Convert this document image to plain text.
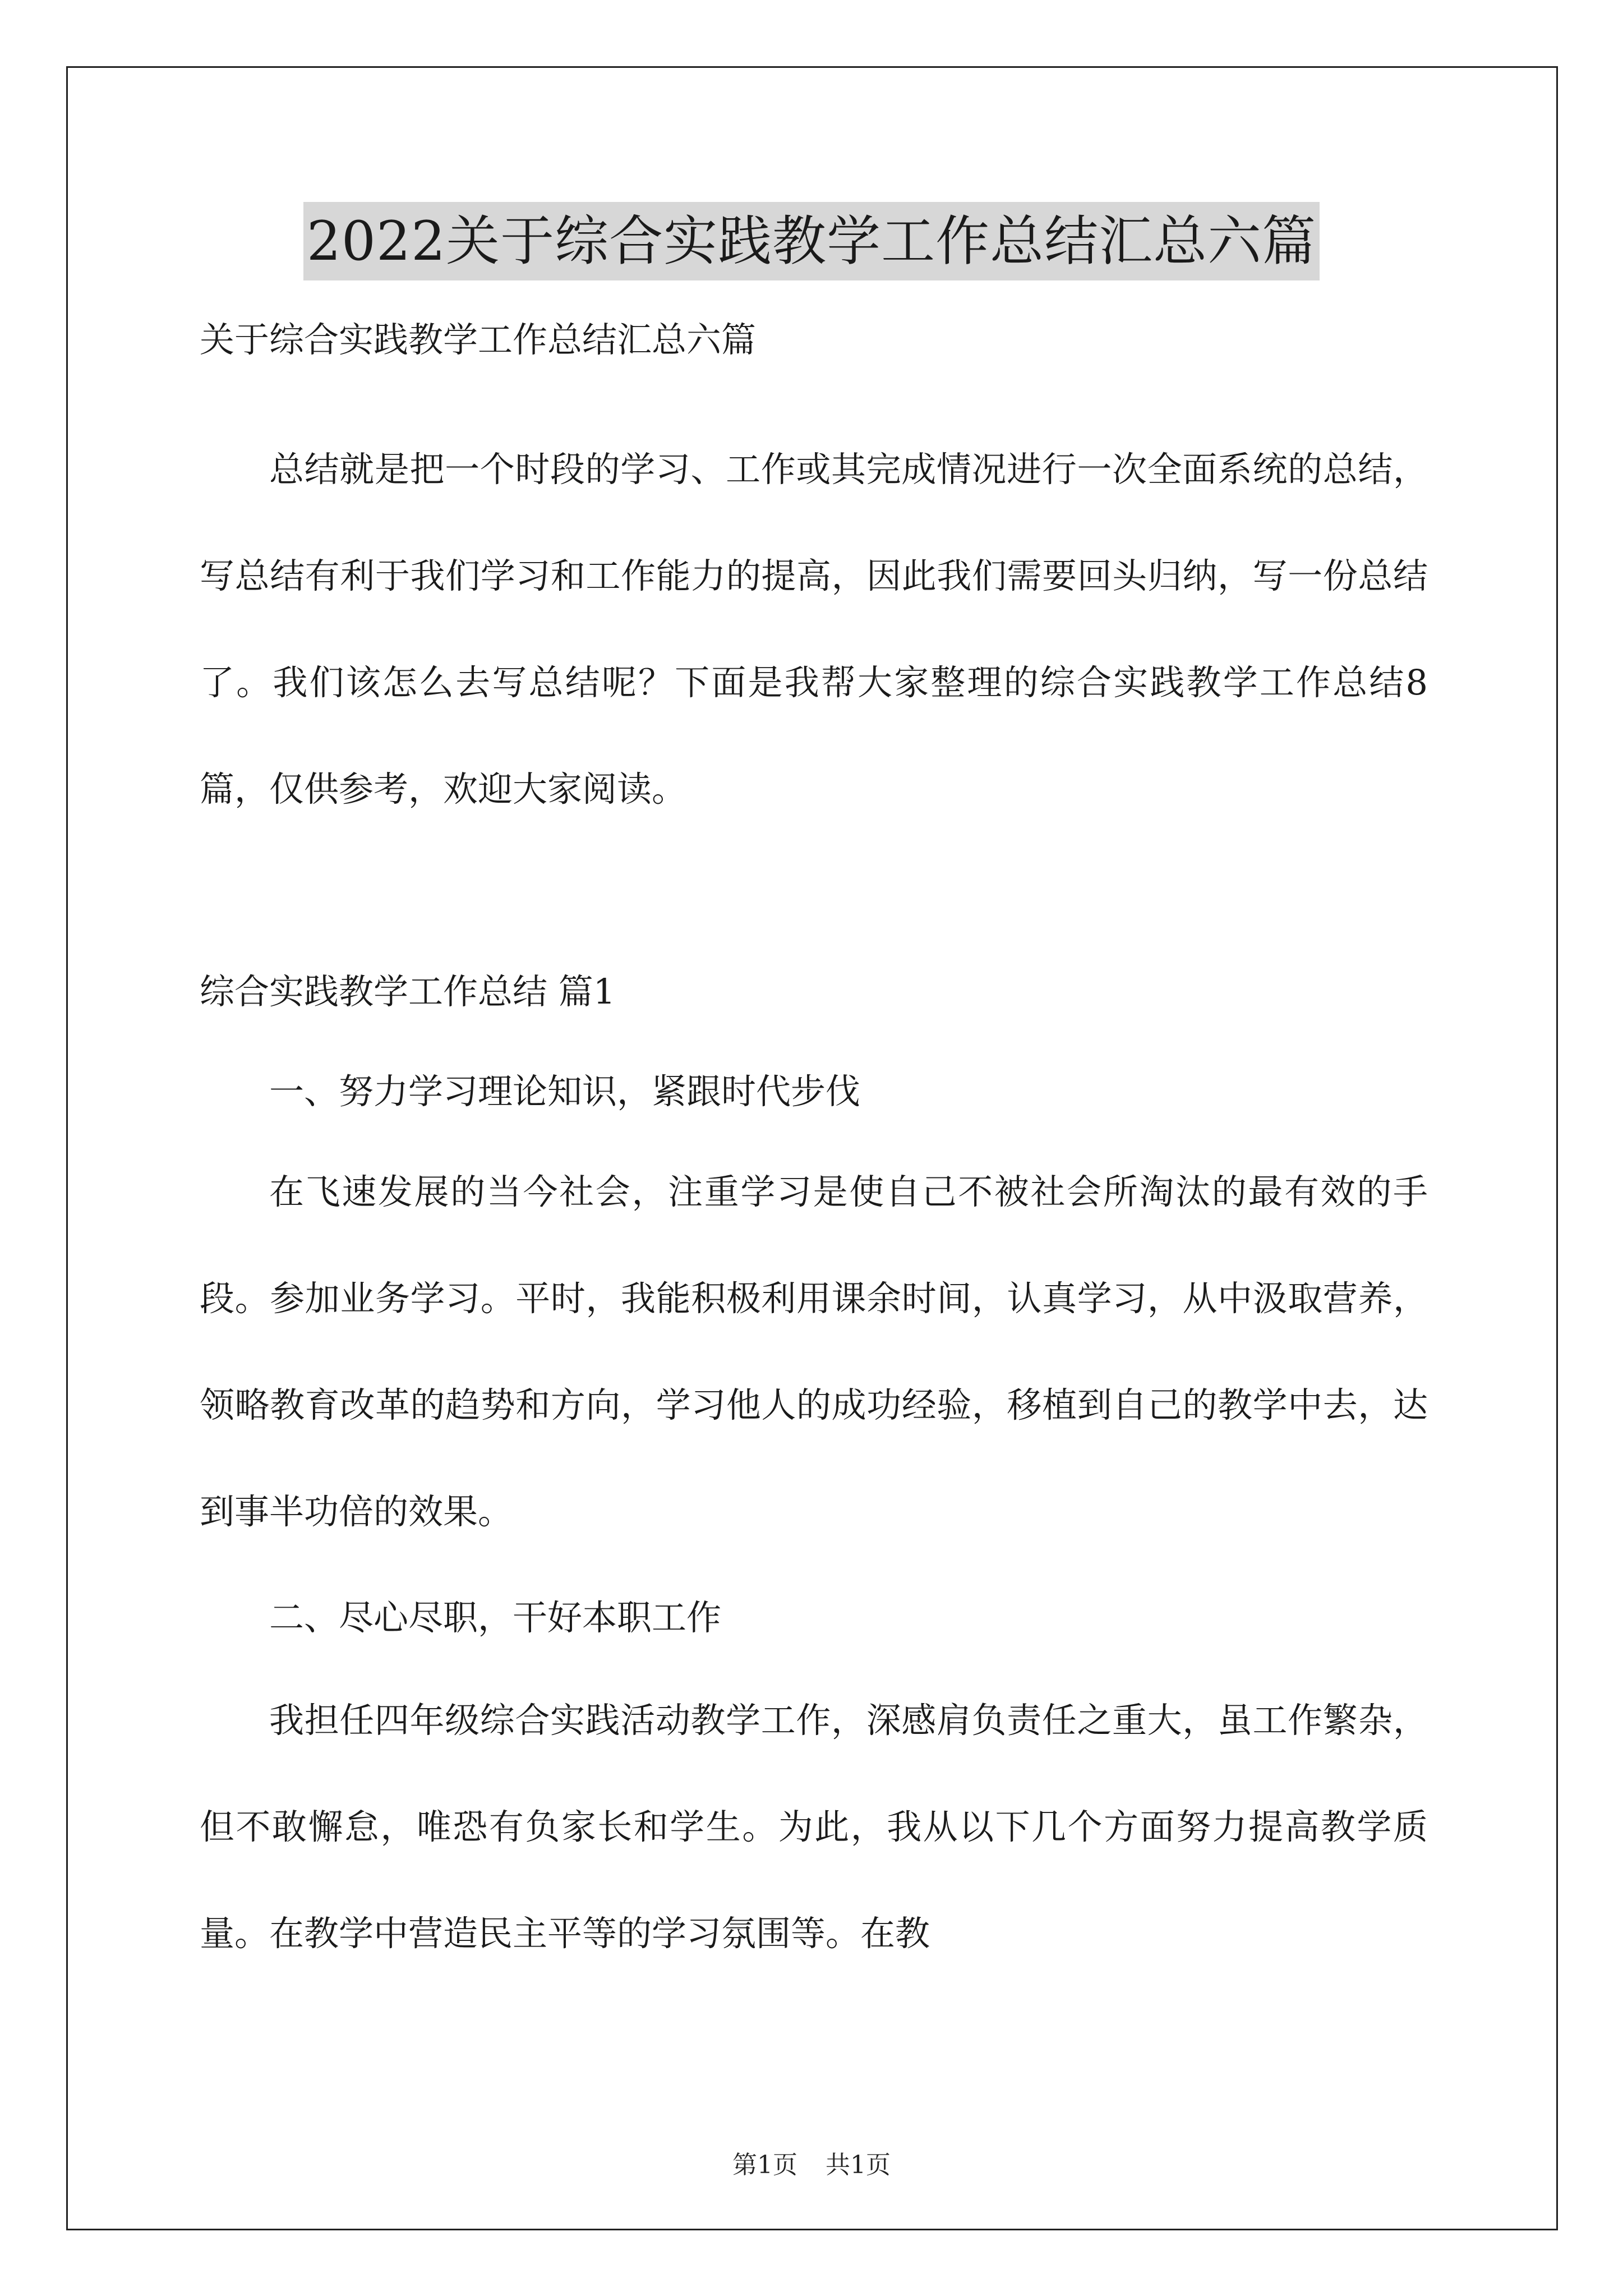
2022关于综合实践教学工作总结汇总六篇

关于综合实践教学工作总结汇总六篇

总结就是把一个时段的学习、工作或其完成情况进行一次全面系统的总结，写总结有利于我们学习和工作能力的提高，因此我们需要回头归纳，写一份总结了。我们该怎么去写总结呢？下面是我帮大家整理的综合实践教学工作总结8篇，仅供参考，欢迎大家阅读。

综合实践教学工作总结 篇1

一、努力学习理论知识，紧跟时代步伐

在飞速发展的当今社会，注重学习是使自己不被社会所淘汰的最有效的手段。参加业务学习。平时，我能积极利用课余时间，认真学习，从中汲取营养，领略教育改革的趋势和方向，学习他人的成功经验，移植到自己的教学中去，达到事半功倍的效果。

二、尽心尽职，干好本职工作

我担任四年级综合实践活动教学工作，深感肩负责任之重大，虽工作繁杂，但不敢懈怠，唯恐有负家长和学生。为此，我从以下几个方面努力提高教学质量。在教学中营造民主平等的学习氛围等。在教

第1页 共1页
